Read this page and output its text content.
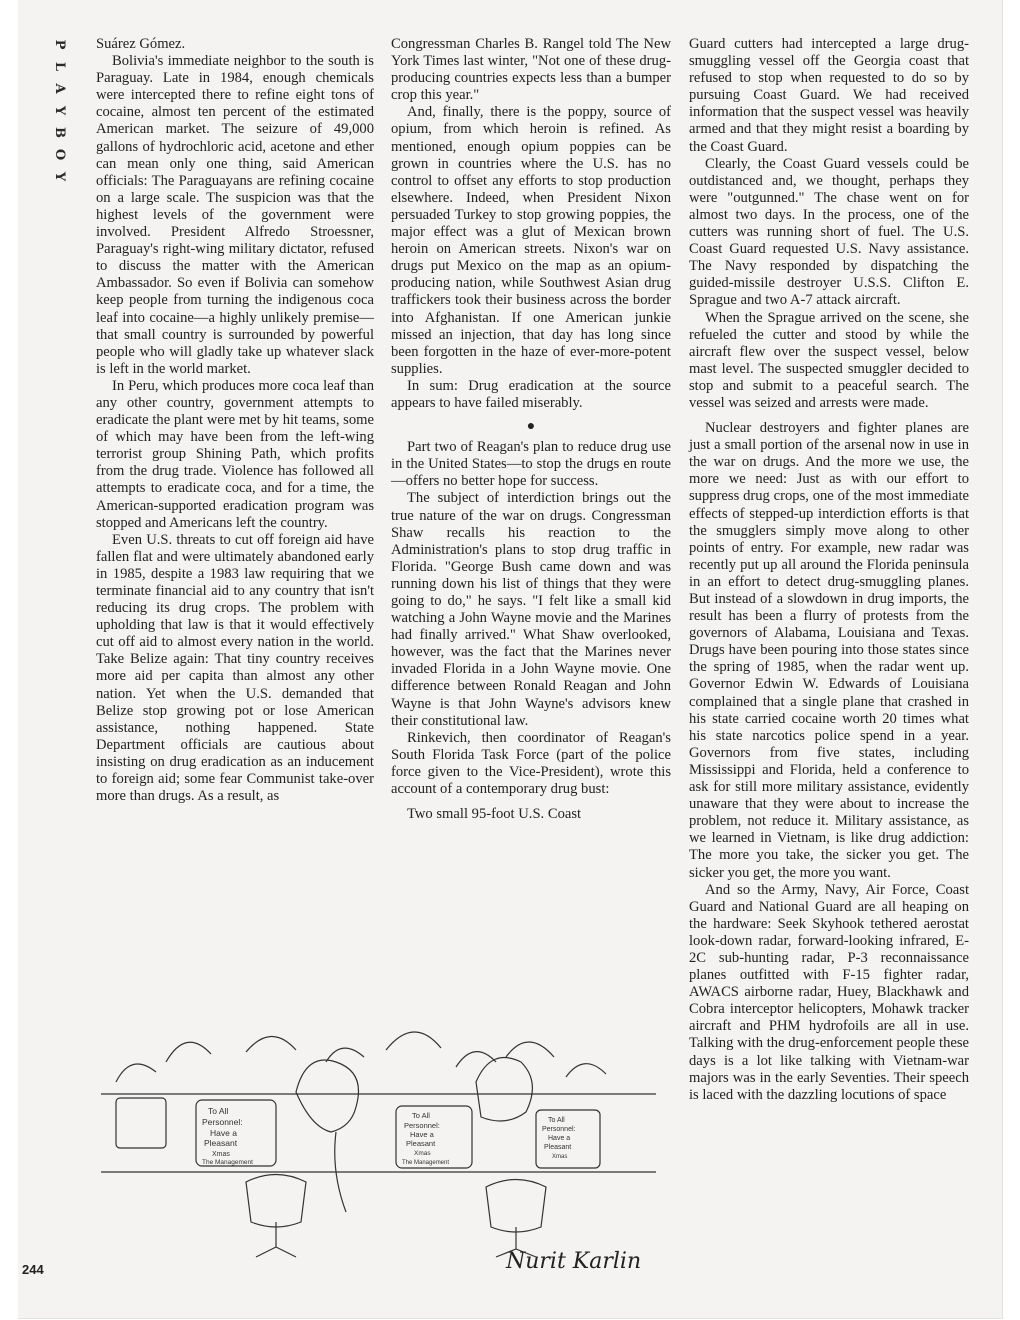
P
L
A
Y
B
O
Y

Suárez Gómez.

Bolivia's immediate neighbor to the south is Paraguay. Late in 1984, enough chemicals were intercepted there to refine eight tons of cocaine, almost ten percent of the estimated American market. The seizure of 49,000 gallons of hydrochloric acid, acetone and ether can mean only one thing, said American officials: The Paraguayans are refining cocaine on a large scale. The suspicion was that the highest levels of the government were involved. President Alfredo Stroessner, Paraguay's right-wing military dictator, refused to discuss the matter with the American Ambassador. So even if Bolivia can somehow keep people from turning the indigenous coca leaf into cocaine—a highly unlikely premise—that small country is surrounded by powerful people who will gladly take up whatever slack is left in the world market.

In Peru, which produces more coca leaf than any other country, government attempts to eradicate the plant were met by hit teams, some of which may have been from the left-wing terrorist group Shining Path, which profits from the drug trade. Violence has followed all attempts to eradicate coca, and for a time, the American-supported eradication program was stopped and Americans left the country.

Even U.S. threats to cut off foreign aid have fallen flat and were ultimately abandoned early in 1985, despite a 1983 law requiring that we terminate financial aid to any country that isn't reducing its drug crops. The problem with upholding that law is that it would effectively cut off aid to almost every nation in the world. Take Belize again: That tiny country receives more aid per capita than almost any other nation. Yet when the U.S. demanded that Belize stop growing pot or lose American assistance, nothing happened. State Department officials are cautious about insisting on drug eradication as an inducement to foreign aid; some fear Communist take-over more than drugs. As a result, as

Congressman Charles B. Rangel told The New York Times last winter, "Not one of these drug-producing countries expects less than a bumper crop this year."

And, finally, there is the poppy, source of opium, from which heroin is refined. As mentioned, enough opium poppies can be grown in countries where the U.S. has no control to offset any efforts to stop production elsewhere. Indeed, when President Nixon persuaded Turkey to stop growing poppies, the major effect was a glut of Mexican brown heroin on American streets. Nixon's war on drugs put Mexico on the map as an opium-producing nation, while Southwest Asian drug traffickers took their business across the border into Afghanistan. If one American junkie missed an injection, that day has long since been forgotten in the haze of ever-more-potent supplies.

In sum: Drug eradication at the source appears to have failed miserably.

●

Part two of Reagan's plan to reduce drug use in the United States—to stop the drugs en route—offers no better hope for success.

The subject of interdiction brings out the true nature of the war on drugs. Congressman Shaw recalls his reaction to the Administration's plans to stop drug traffic in Florida. "George Bush came down and was running down his list of things that they were going to do," he says. "I felt like a small kid watching a John Wayne movie and the Marines had finally arrived." What Shaw overlooked, however, was the fact that the Marines never invaded Florida in a John Wayne movie. One difference between Ronald Reagan and John Wayne is that John Wayne's advisors knew their constitutional law.

Rinkevich, then coordinator of Reagan's South Florida Task Force (part of the police force given to the Vice-President), wrote this account of a contemporary drug bust:

Two small 95-foot U.S. Coast

Guard cutters had intercepted a large drug-smuggling vessel off the Georgia coast that refused to stop when requested to do so by pursuing Coast Guard. We had received information that the suspect vessel was heavily armed and that they might resist a boarding by the Coast Guard.

Clearly, the Coast Guard vessels could be outdistanced and, we thought, perhaps they were "outgunned." The chase went on for almost two days. In the process, one of the cutters was running short of fuel. The U.S. Coast Guard requested U.S. Navy assistance. The Navy responded by dispatching the guided-missile destroyer U.S.S. Clifton E. Sprague and two A-7 attack aircraft.

When the Sprague arrived on the scene, she refueled the cutter and stood by while the aircraft flew over the suspect vessel, below mast level. The suspected smuggler decided to stop and submit to a peaceful search. The vessel was seized and arrests were made.

Nuclear destroyers and fighter planes are just a small portion of the arsenal now in use in the war on drugs. And the more we use, the more we need: Just as with our effort to suppress drug crops, one of the most immediate effects of stepped-up interdiction efforts is that the smugglers simply move along to other points of entry. For example, new radar was recently put up all around the Florida peninsula in an effort to detect drug-smuggling planes. But instead of a slowdown in drug imports, the result has been a flurry of protests from the governors of Alabama, Louisiana and Texas. Drugs have been pouring into those states since the spring of 1985, when the radar went up. Governor Edwin W. Edwards of Louisiana complained that a single plane that crashed in his state carried cocaine worth 20 times what his state narcotics police spend in a year. Governors from five states, including Mississippi and Florida, held a conference to ask for still more military assistance, evidently unaware that they were about to increase the problem, not reduce it. Military assistance, as we learned in Vietnam, is like drug addiction: The more you take, the sicker you get. The sicker you get, the more you want.

And so the Army, Navy, Air Force, Coast Guard and National Guard are all heaping on the hardware: Seek Skyhook tethered aerostat look-down radar, forward-looking infrared, E-2C sub-hunting radar, P-3 reconnaissance planes outfitted with F-15 fighter radar, AWACS airborne radar, Huey, Blackhawk and Cobra interceptor helicopters, Mohawk tracker aircraft and PHM hydrofoils are all in use. Talking with the drug-enforcement people these days is a lot like talking with Vietnam-war majors was in the early Seventies. Their speech is laced with the dazzling locutions of space

To All
Personnel:
Have a
Pleasant
Xmas
The Management
To All
Personnel:
Have a
Pleasant
Xmas
The Management
To All
Personnel:
Have a
Pleasant
Xmas
Nurit Karlin
244
